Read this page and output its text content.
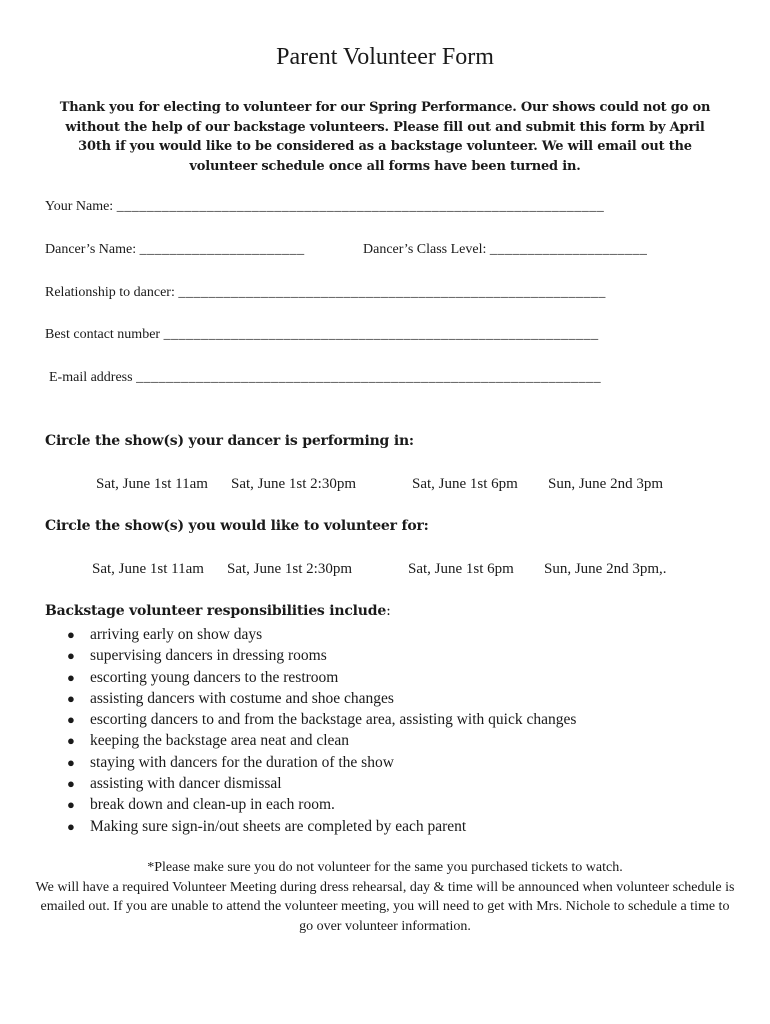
Parent Volunteer Form
Thank you for electing to volunteer for our Spring Performance. Our shows could not go on without the help of our backstage volunteers. Please fill out and submit this form by April 30th if you would like to be considered as a backstage volunteer. We will email out the volunteer schedule once all forms have been turned in.
Your Name: _________________________________________________________________
Dancer’s Name: ______________________	Dancer’s Class Level: _____________________
Relationship to dancer: _________________________________________________________
Best contact number __________________________________________________________
E-mail address ______________________________________________________________
Circle the show(s) your dancer is performing in:
Sat, June 1st 11am Sat, June 1st 2:30pm	Sat, June 1st 6pm Sun, June 2nd 3pm
Circle the show(s) you would like to volunteer for:
Sat, June 1st 11am Sat, June 1st 2:30pm	Sat, June 1st 6pm Sun, June 2nd 3pm,.
Backstage volunteer responsibilities include:
● arriving early on show days
● supervising dancers in dressing rooms
● escorting young dancers to the restroom
● assisting dancers with costume and shoe changes
● escorting dancers to and from the backstage area, assisting with quick changes
● keeping the backstage area neat and clean
● staying with dancers for the duration of the show
● assisting with dancer dismissal
● break down and clean-up in each room.
● Making sure sign-in/out sheets are completed by each parent
*Please make sure you do not volunteer for the same you purchased tickets to watch.
We will have a required Volunteer Meeting during dress rehearsal, day & time will be announced when volunteer schedule is emailed out. If you are unable to attend the volunteer meeting, you will need to get with Mrs. Nichole to schedule a time to go over volunteer information.
